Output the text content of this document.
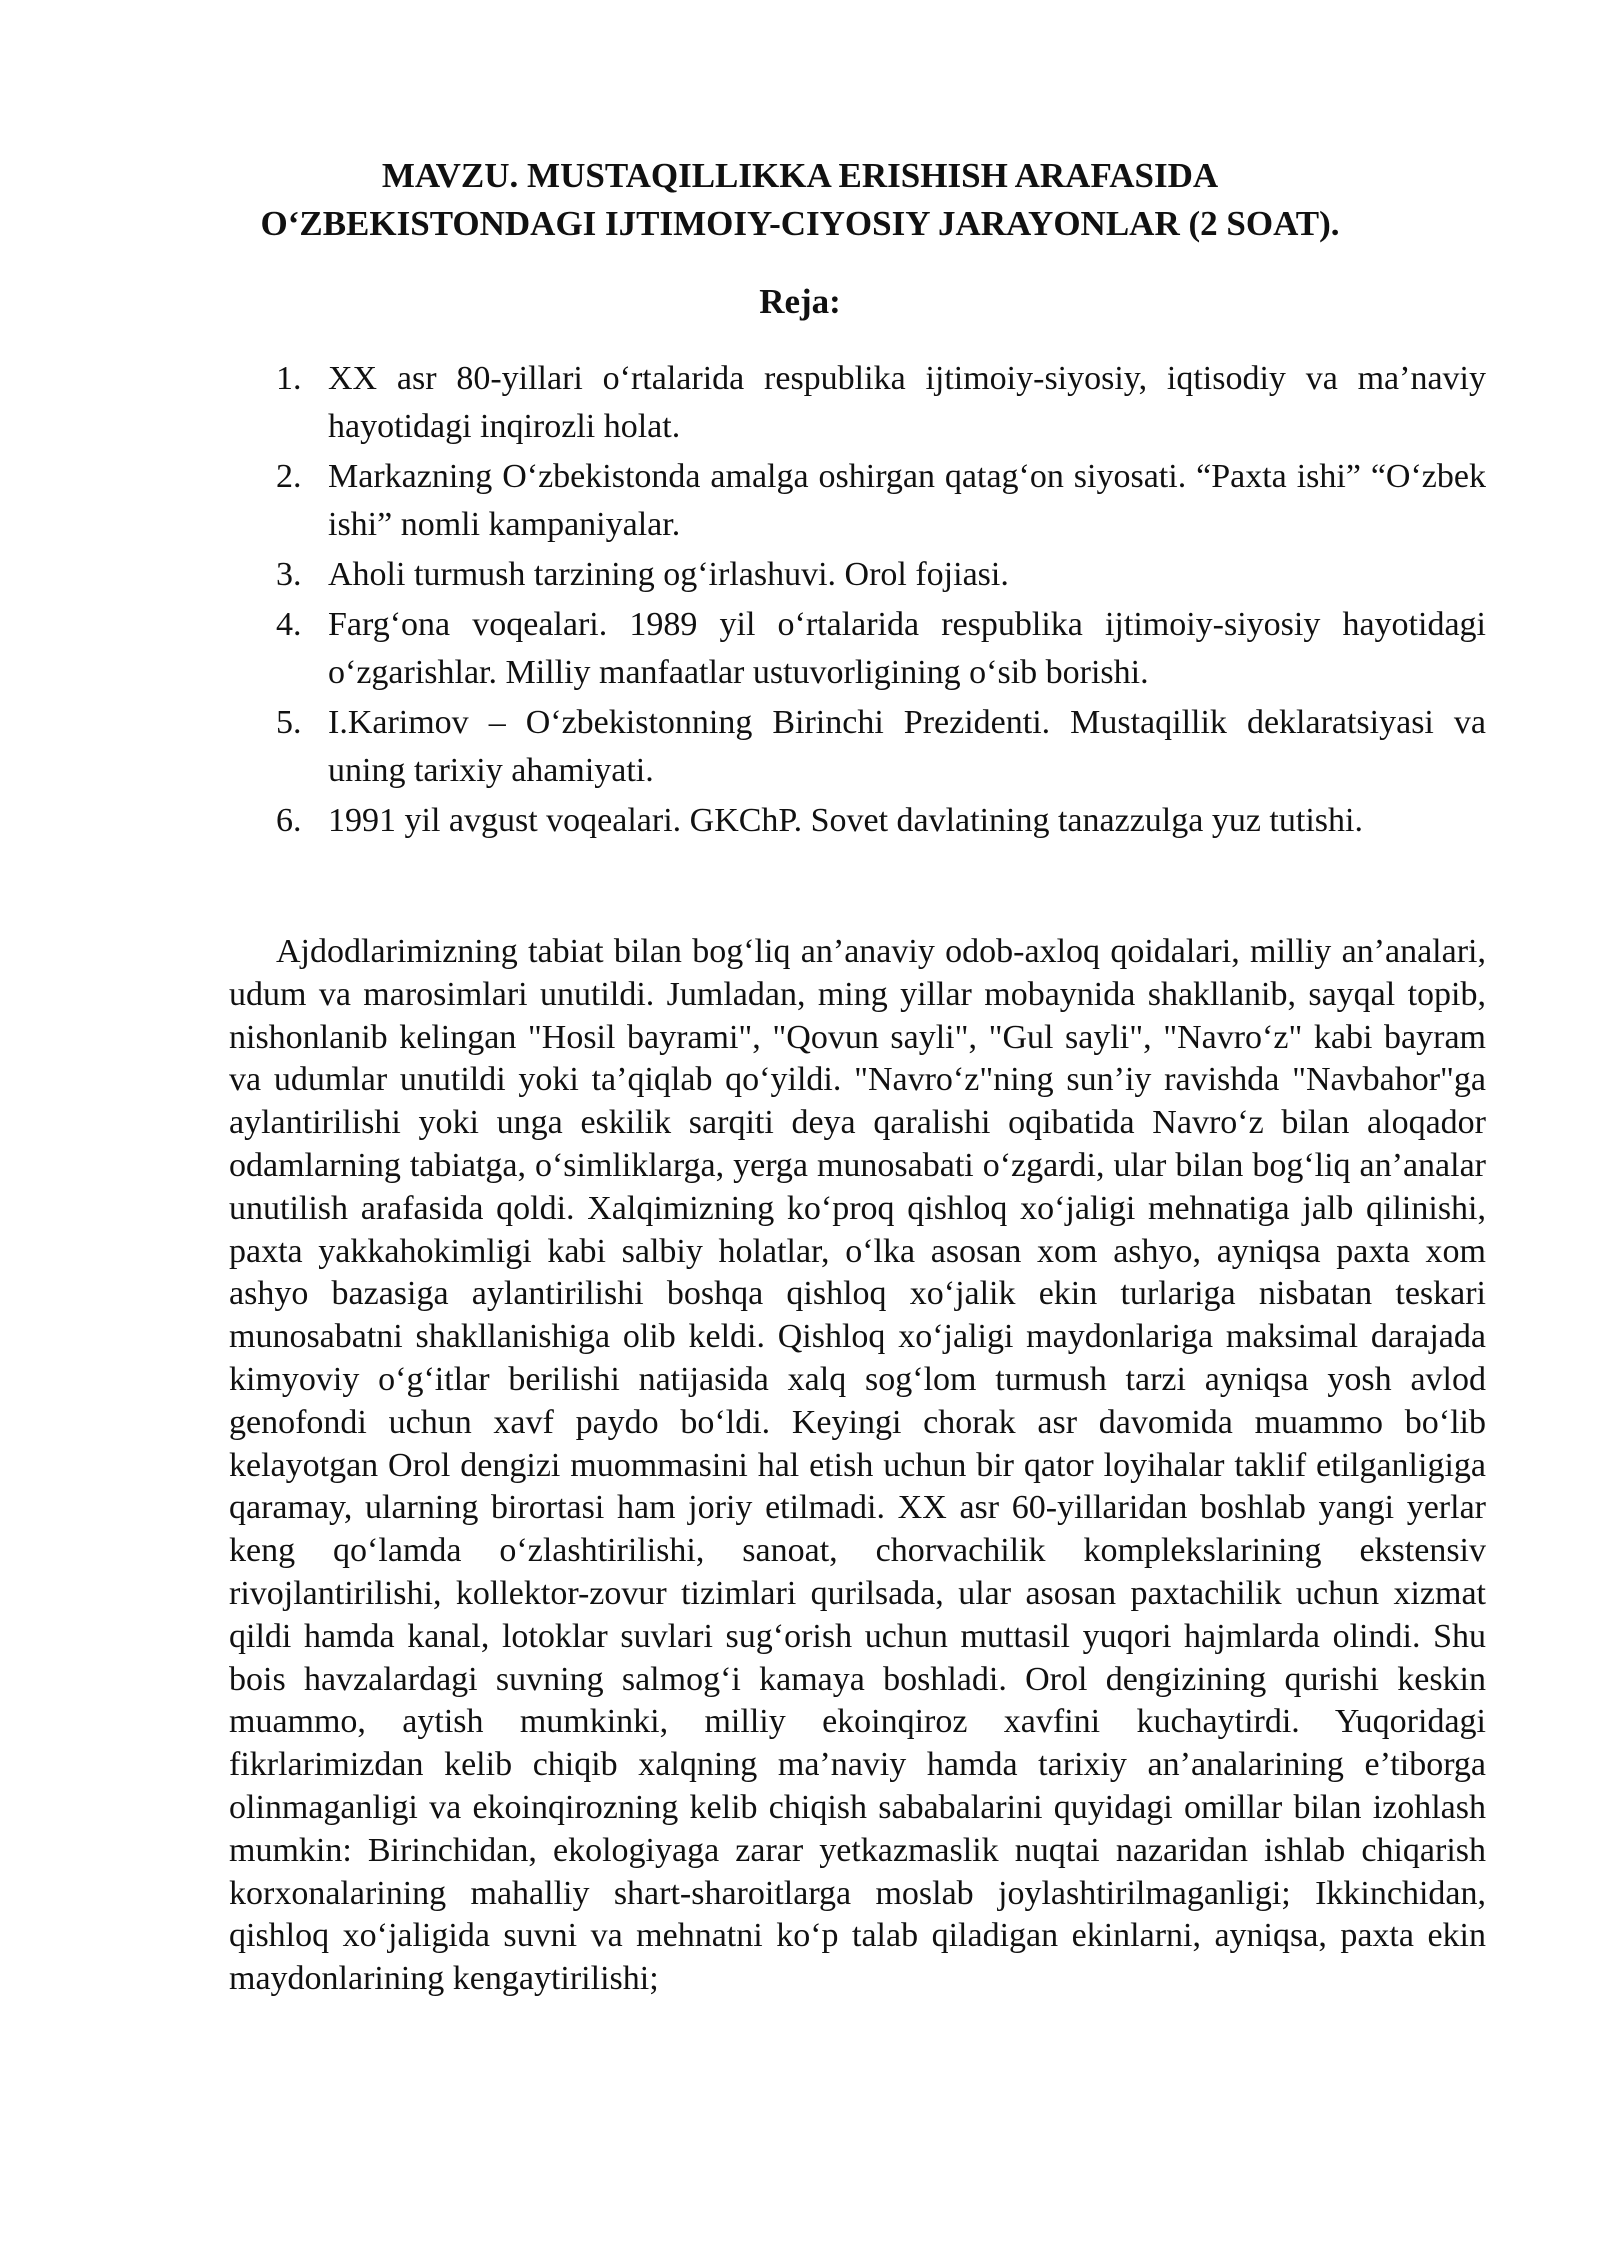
MAVZU. MUSTAQILLIKKA ERISHISH ARAFASIDA
O‘ZBEKISTONDAGI IJTIMOIY-CIYOSIY JARAYONLAR (2 SOAT).
Reja:
1. XX asr 80-yillari o‘rtalarida respublika ijtimoiy-siyosiy, iqtisodiy va ma’naviy hayotidagi inqirozli holat.
2. Markazning O‘zbekistonda amalga oshirgan qatag‘on siyosati. “Paxta ishi” “O‘zbek ishi” nomli kampaniyalar.
3. Aholi turmush tarzining og‘irlashuvi. Orol fojiasi.
4. Farg‘ona voqealari. 1989 yil o‘rtalarida respublika ijtimoiy-siyosiy hayotidagi o‘zgarishlar. Milliy manfaatlar ustuvorligining o‘sib borishi.
5. I.Karimov – O‘zbekistonning Birinchi Prezidenti. Mustaqillik deklaratsiyasi va uning tarixiy ahamiyati.
6. 1991 yil avgust voqealari. GKChP. Sovet davlatining tanazzulga yuz tutishi.

Ajdodlarimizning tabiat bilan bog‘liq an’anaviy odob-axloq qoidalari, milliy an’analari, udum va marosimlari unutildi. Jumladan, ming yillar mobaynida shakllanib, sayqal topib, nishonlanib kelingan "Hosil bayrami", "Qovun sayli", "Gul sayli", "Navro‘z" kabi bayram va udumlar unutildi yoki ta’qiqlab qo‘yildi. "Navro‘z"ning sun’iy ravishda "Navbahor"ga aylantirilishi yoki unga eskilik sarqiti deya qaralishi oqibatida Navro‘z bilan aloqador odamlarning tabiatga, o‘simliklarga, yerga munosabati o‘zgardi, ular bilan bog‘liq an’analar unutilish arafasida qoldi. Xalqimizning ko‘proq qishloq xo‘jaligi mehnatiga jalb qilinishi, paxta yakkahokimligi kabi salbiy holatlar, o‘lka asosan xom ashyo, ayniqsa paxta xom ashyo bazasiga aylantirilishi boshqa qishloq xo‘jalik ekin turlariga nisbatan teskari munosabatni shakllanishiga olib keldi. Qishloq xo‘jaligi maydonlariga maksimal darajada kimyoviy o‘g‘itlar berilishi natijasida xalq sog‘lom turmush tarzi ayniqsa yosh avlod genofondi uchun xavf paydo bo‘ldi. Keyingi chorak asr davomida muammo bo‘lib kelayotgan Orol dengizi muommasini hal etish uchun bir qator loyihalar taklif etilganligiga qaramay, ularning birortasi ham joriy etilmadi. XX asr 60-yillaridan boshlab yangi yerlar keng qo‘lamda o‘zlashtirilishi, sanoat, chorvachilik komplekslarining ekstensiv rivojlantirilishi, kollektor-zovur tizimlari qurilsada, ular asosan paxtachilik uchun xizmat qildi hamda kanal, lotoklar suvlari sug‘orish uchun muttasil yuqori hajmlarda olindi. Shu bois havzalardagi suvning salmog‘i kamaya boshladi. Orol dengizining qurishi keskin muammo, aytish mumkinki, milliy ekoinqiroz xavfini kuchaytirdi. Yuqoridagi fikrlarimizdan kelib chiqib xalqning ma’naviy hamda tarixiy an’analarining e’tiborga olinmaganligi va ekoinqirozning kelib chiqish sababalarini quyidagi omillar bilan izohlash mumkin: Birinchidan, ekologiyaga zarar yetkazmaslik nuqtai nazaridan ishlab chiqarish korxonalarining mahalliy shart-sharoitlarga moslab joylashtirilmaganligi; Ikkinchidan, qishloq xo‘jaligida suvni va mehnatni ko‘p talab qiladigan ekinlarni, ayniqsa, paxta ekin maydonlarining kengaytirilishi;
